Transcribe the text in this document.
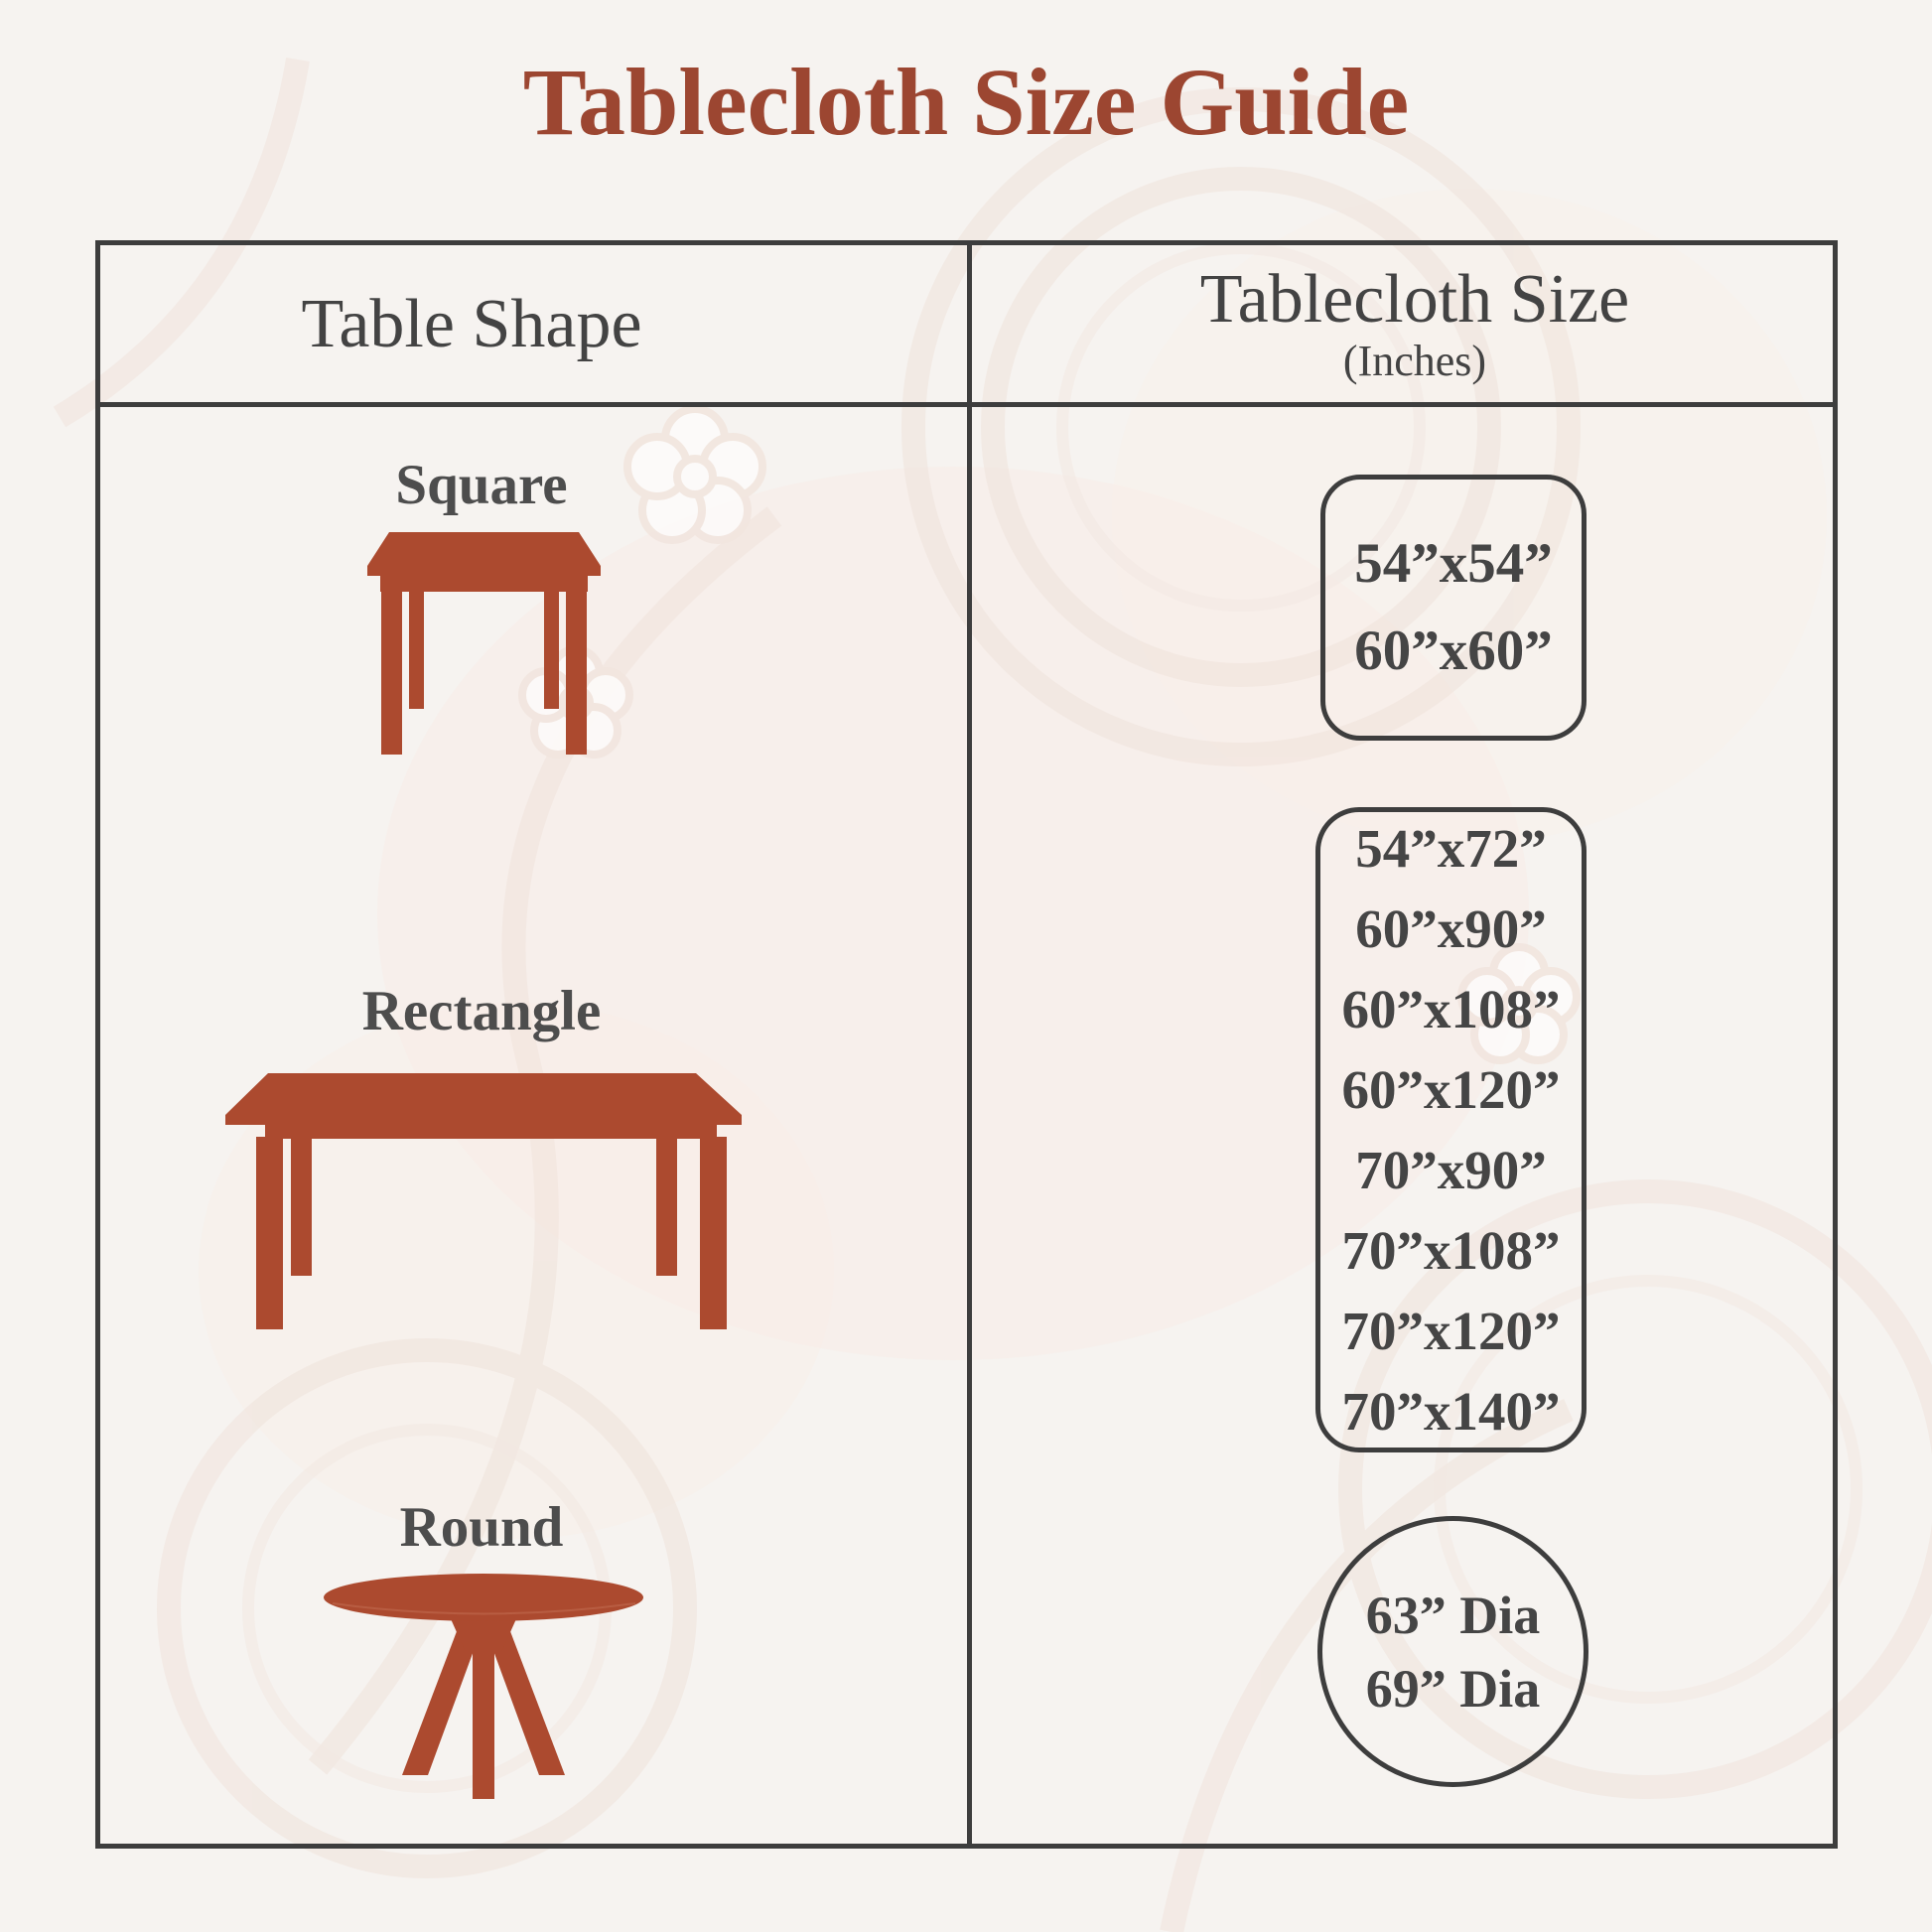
Tablecloth Size Guide
Table Shape	Tablecloth Size
(Inches)
Square
Rectangle
Round
54”x54”
60”x60”
54”x72”
60”x90”
60”x108”
60”x120”
70”x90”
70”x108”
70”x120”
70”x140”
63” Dia
69” Dia
